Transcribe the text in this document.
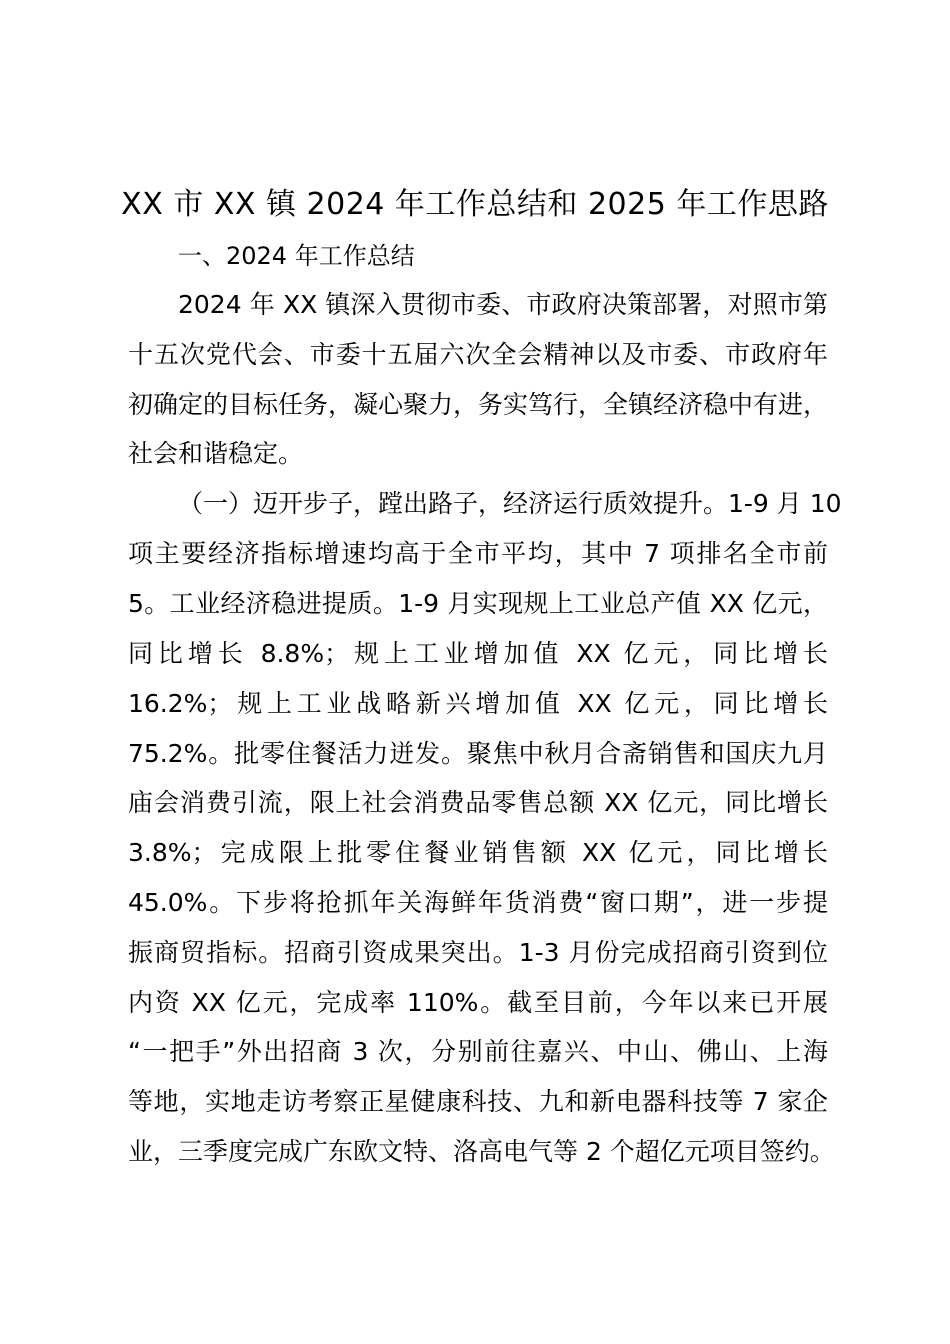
XX 市 XX 镇 2024 年工作总结和 2025 年工作思路
一、2024 年工作总结
2024 年 XX 镇深入贯彻市委、市政府决策部署，对照市第
十五次党代会、市委十五届六次全会精神以及市委、市政府年
初确定的目标任务，凝心聚力，务实笃行，全镇经济稳中有进，
社会和谐稳定。
（一）迈开步子，蹚出路子，经济运行质效提升。1-9 月 10
项主要经济指标增速均高于全市平均，其中 7 项排名全市前
5。工业经济稳进提质。1-9 月实现规上工业总产值 XX 亿元，
同比增长 8.8%；规上工业增加值 XX 亿元，同比增长
16.2%；规上工业战略新兴增加值 XX 亿元，同比增长
75.2%。批零住餐活力迸发。聚焦中秋月合斋销售和国庆九月
庙会消费引流，限上社会消费品零售总额 XX 亿元，同比增长
3.8%；完成限上批零住餐业销售额 XX 亿元，同比增长
45.0%。下步将抢抓年关海鲜年货消费“窗口期”，进一步提
振商贸指标。招商引资成果突出。1-3 月份完成招商引资到位
内资 XX 亿元，完成率 110%。截至目前，今年以来已开展
“一把手”外出招商 3 次，分别前往嘉兴、中山、佛山、上海
等地，实地走访考察正星健康科技、九和新电器科技等 7 家企
业，三季度完成广东欧文特、洛高电气等 2 个超亿元项目签约。
